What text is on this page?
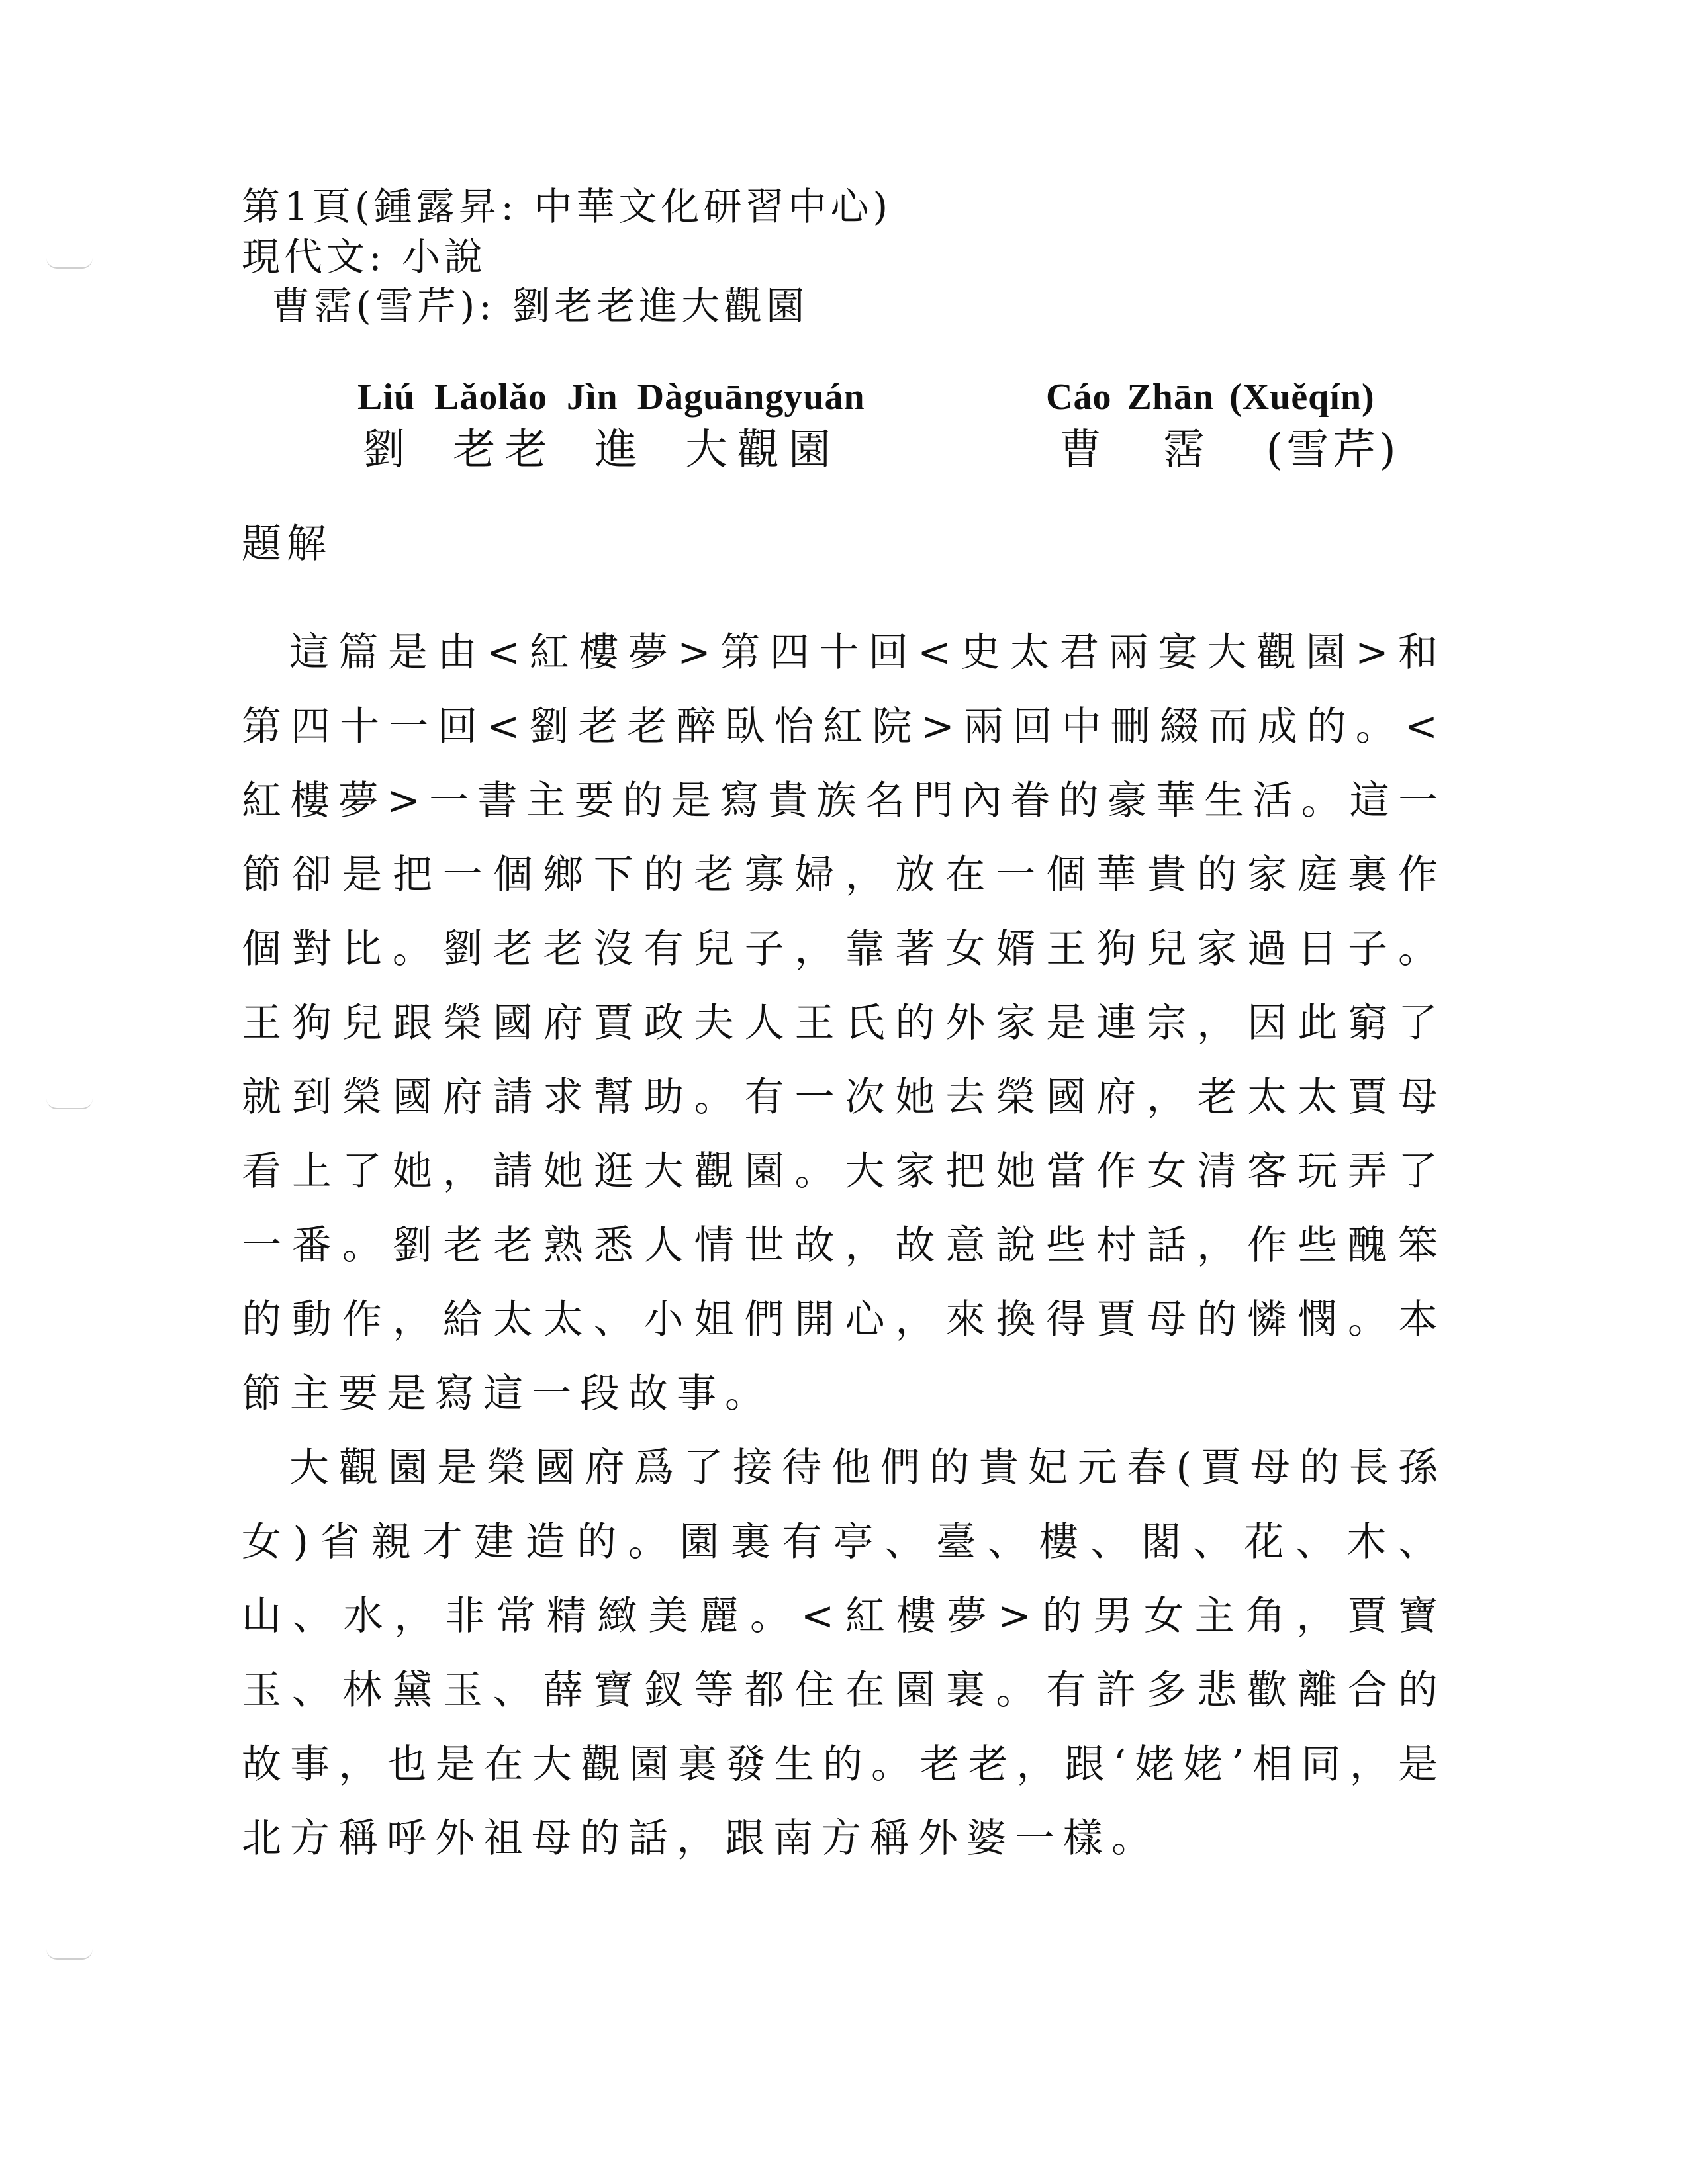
第1頁(鍾露昇: 中華文化研習中心)
現代文: 小說
曹霑(雪芹): 劉老老進大觀園
Liú Lǎolǎo Jìn Dàguāngyuán	Cáo Zhān (Xuěqín)
劉 老老 進 大觀園	曹 霑 (雪芹)
題解

這篇是由<紅樓夢>第四十回<史太君兩宴大觀園>和第四十一回<劉老老醉臥怡紅院>兩回中刪綴而成的。<紅樓夢>一書主要的是寫貴族名門內眷的豪華生活。這一節卻是把一個鄉下的老寡婦，放在一個華貴的家庭裏作個對比。劉老老沒有兒子，靠著女婿王狗兒家過日子。王狗兒跟榮國府賈政夫人王氏的外家是連宗，因此窮了就到榮國府請求幫助。有一次她去榮國府，老太太賈母看上了她，請她逛大觀園。大家把她當作女清客玩弄了一番。劉老老熟悉人情世故，故意說些村話，作些醜笨的動作，給太太、小姐們開心，來換得賈母的憐憫。本節主要是寫這一段故事。

大觀園是榮國府爲了接待他們的貴妃元春(賈母的長孫女)省親才建造的。園裏有亭、臺、樓、閣、花、木、山、水，非常精緻美麗。<紅樓夢>的男女主角，賈寶玉、林黛玉、薛寶釵等都住在園裏。有許多悲歡離合的故事，也是在大觀園裏發生的。老老，跟‘姥姥’相同，是北方稱呼外祖母的話，跟南方稱外婆一樣。
